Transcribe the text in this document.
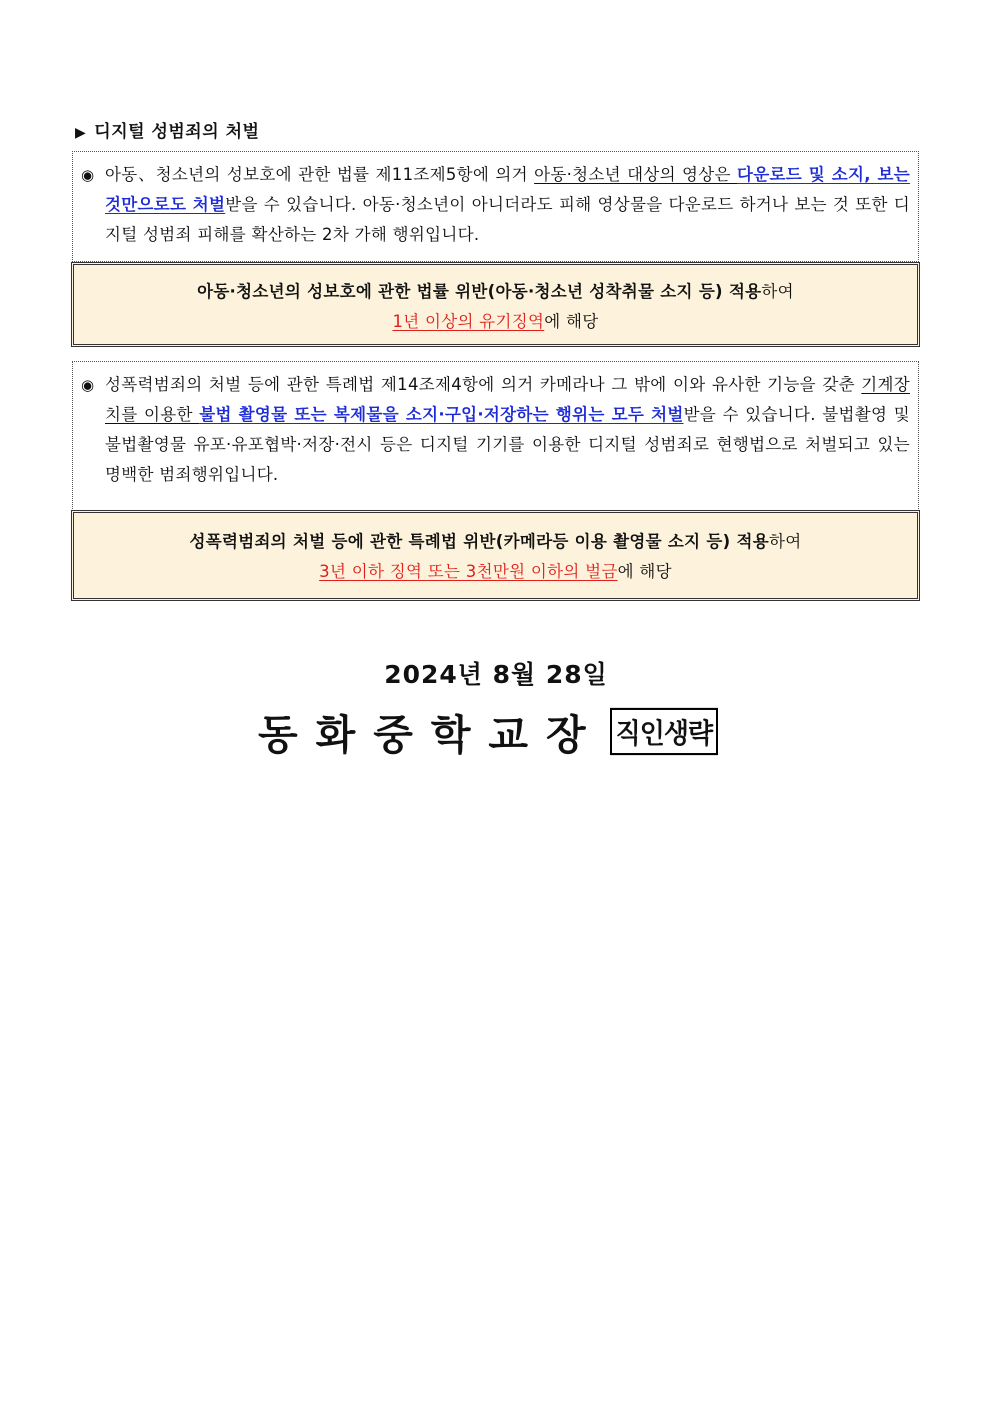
▶ 디지털 성범죄의 처벌
◉ 아동、청소년의 성보호에 관한 법률 제11조제5항에 의거 아동·청소년 대상의 영상은 다운로드 및 소지, 보는 것만으로도 처벌받을 수 있습니다. 아동·청소년이 아니더라도 피해 영상물을 다운로드 하거나 보는 것 또한 디지털 성범죄 피해를 확산하는 2차 가해 행위입니다.
아동·청소년의 성보호에 관한 법률 위반(아동·청소년 성착취물 소지 등) 적용하여
1년 이상의 유기징역에 해당
◉ 성폭력범죄의 처벌 등에 관한 특례법 제14조제4항에 의거 카메라나 그 밖에 이와 유사한 기능을 갖춘 기계장치를 이용한 불법 촬영물 또는 복제물을 소지·구입·저장하는 행위는 모두 처벌받을 수 있습니다. 불법촬영 및 불법촬영물 유포·유포협박·저장·전시 등은 디지털 기기를 이용한 디지털 성범죄로 현행법으로 처벌되고 있는 명백한 범죄행위입니다.
성폭력범죄의 처벌 등에 관한 특례법 위반(카메라등 이용 촬영물 소지 등) 적용하여
3년 이하 징역 또는 3천만원 이하의 벌금에 해당
2024년 8월 28일
동화중학교장 직인생략
